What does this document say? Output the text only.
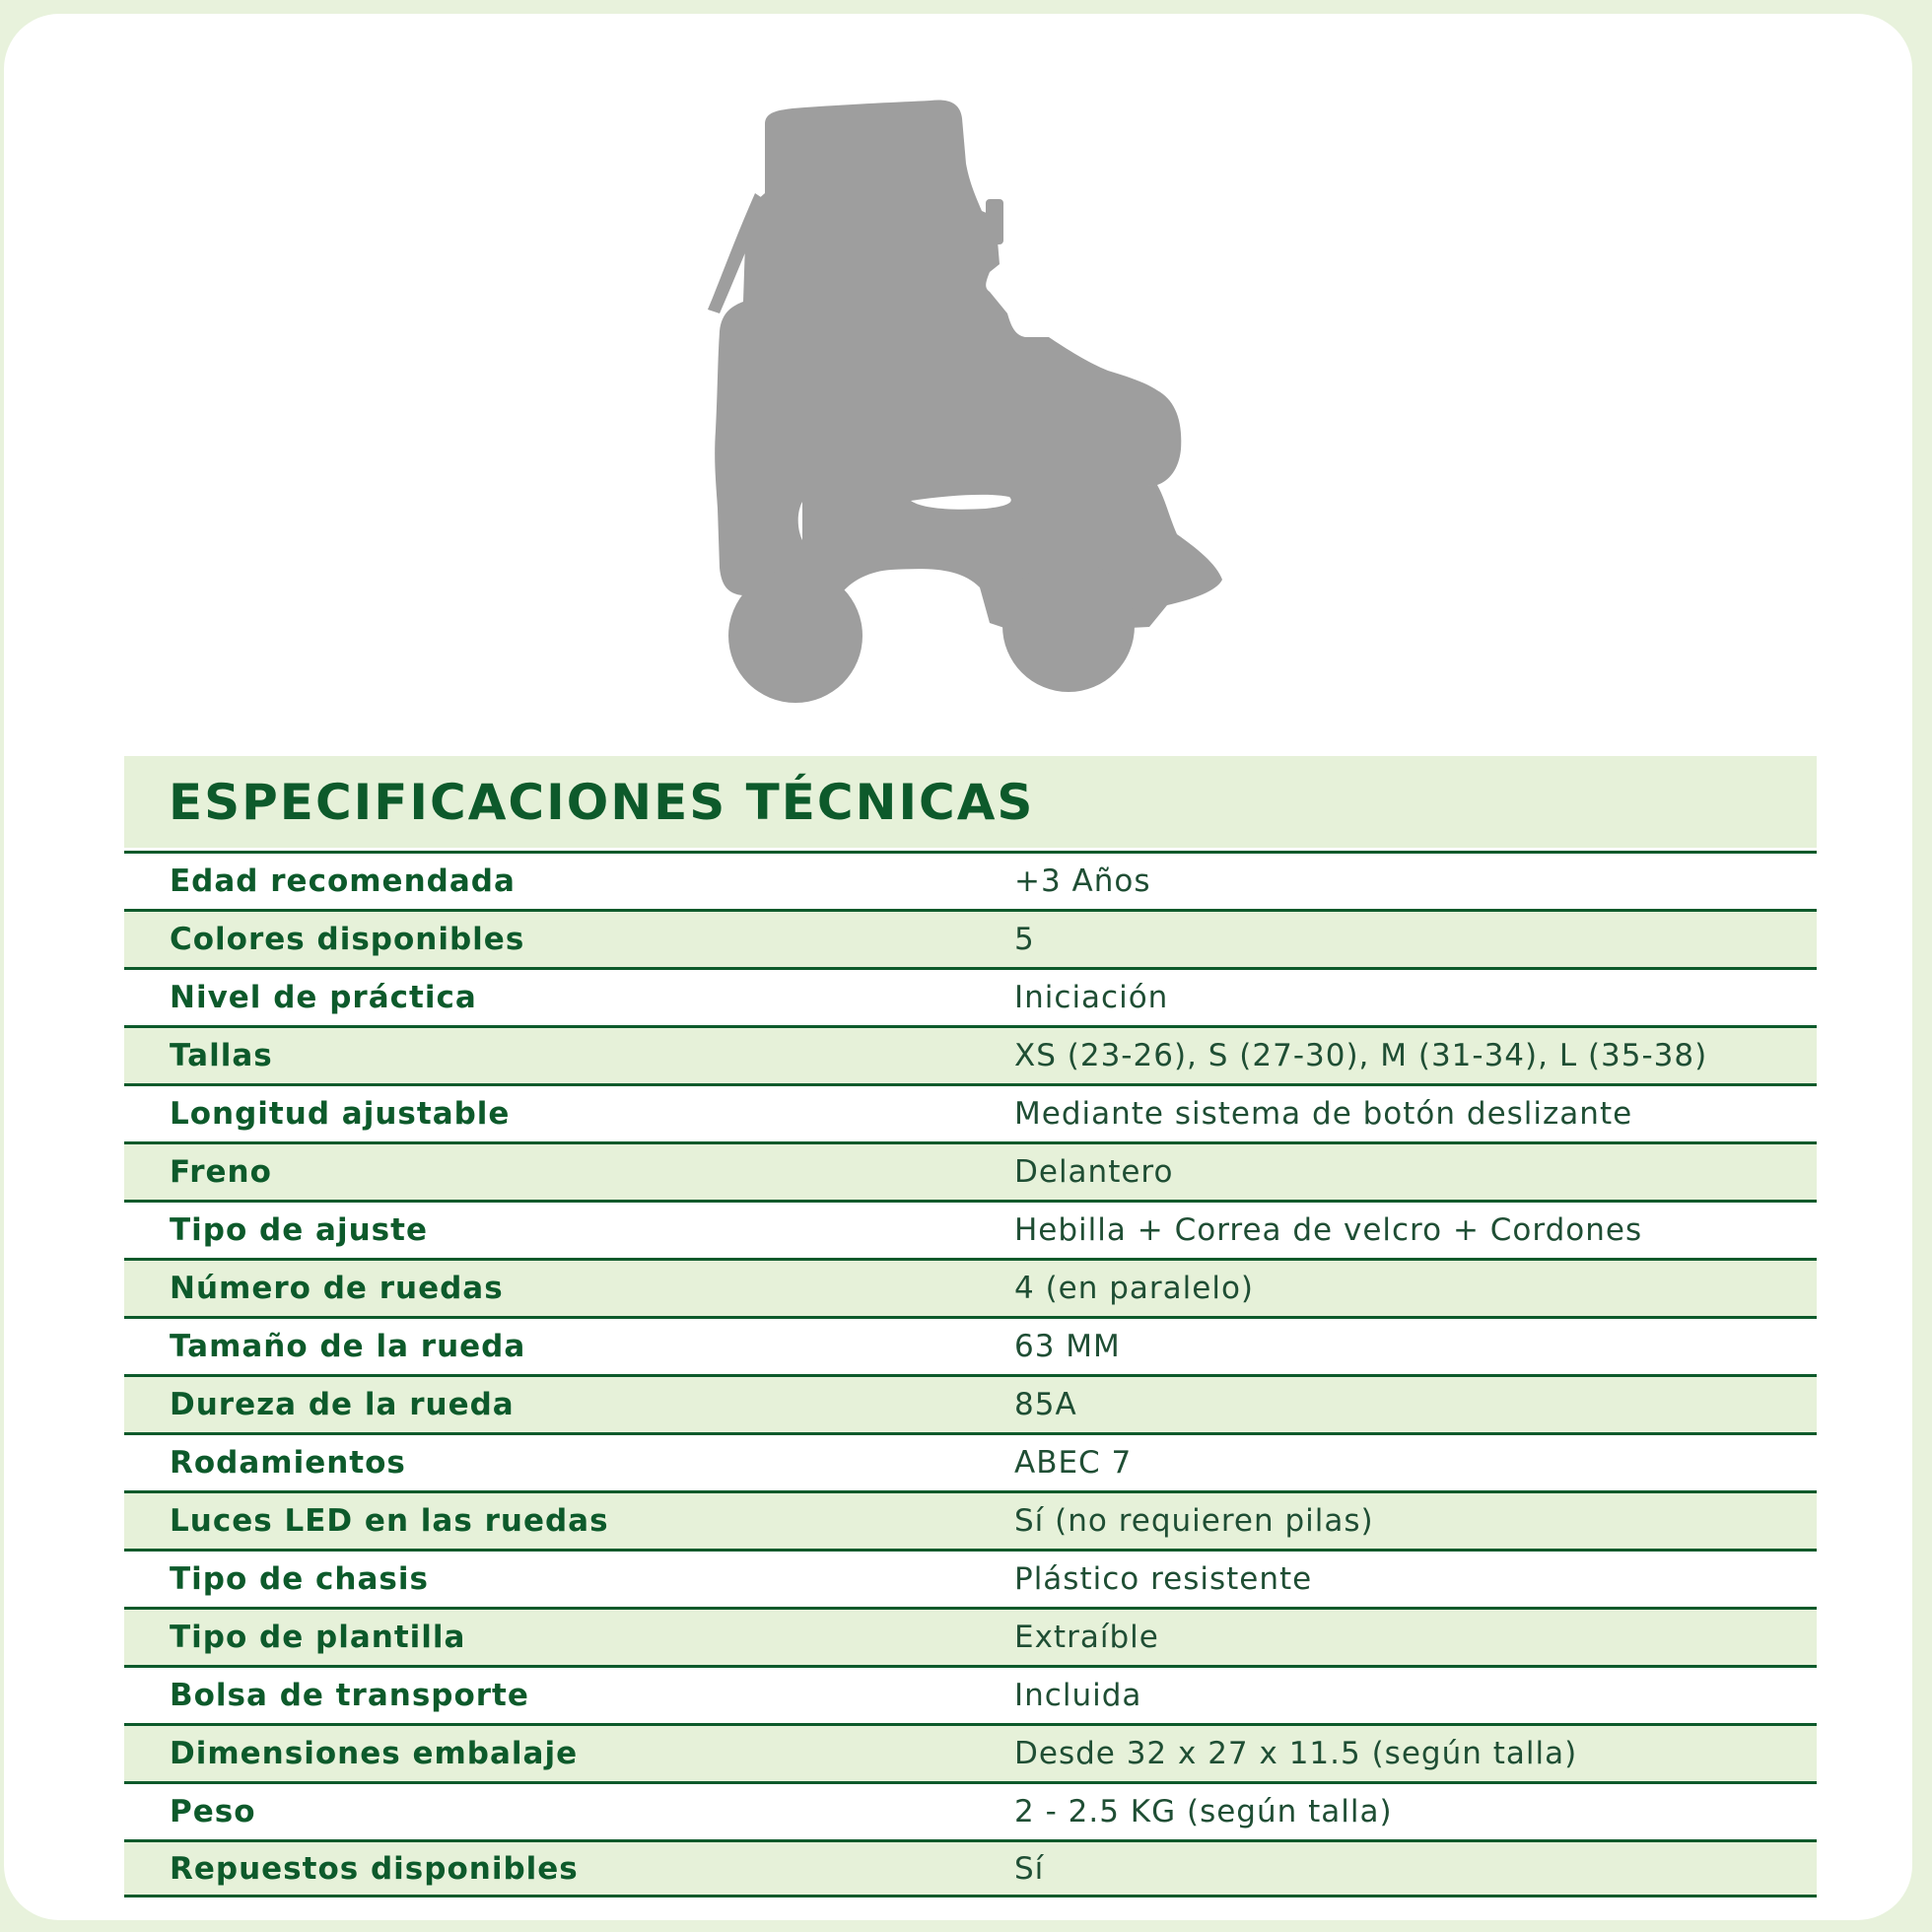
ESPECIFICACIONES TÉCNICAS
Edad recomendada	+3 Años
Colores disponibles	5
Nivel de práctica	Iniciación
Tallas	XS (23-26), S (27-30), M (31-34), L (35-38)
Longitud ajustable	Mediante sistema de botón deslizante
Freno	Delantero
Tipo de ajuste	Hebilla + Correa de velcro + Cordones
Número de ruedas	4 (en paralelo)
Tamaño de la rueda	63 MM
Dureza de la rueda	85A
Rodamientos	ABEC 7
Luces LED en las ruedas	Sí (no requieren pilas)
Tipo de chasis	Plástico resistente
Tipo de plantilla	Extraíble
Bolsa de transporte	Incluida
Dimensiones embalaje	Desde 32 x 27 x 11.5 (según talla)
Peso	2 - 2.5 KG (según talla)
Repuestos disponibles	Sí
